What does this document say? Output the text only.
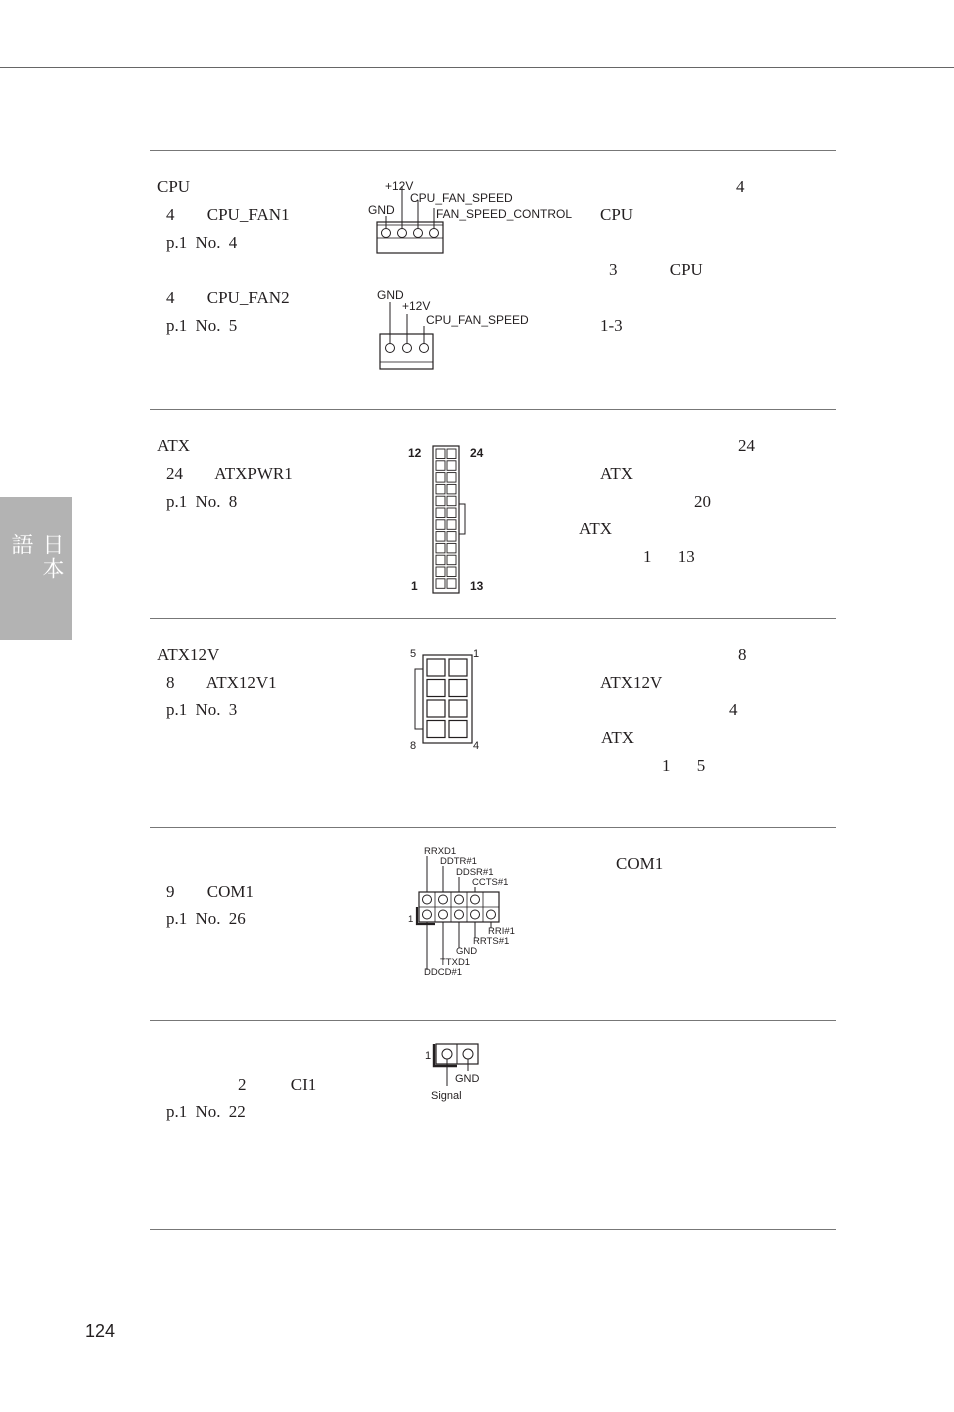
日本語
CPU
4 CPU_FAN1
p.1 No. 4
4 CPU_FAN2
p.1 No. 5
4
CPU
3 CPU
1-3
+12V
CPU_FAN_SPEED
GND	FAN_SPEED_CONTROL
GND
+12V
CPU_FAN_SPEED
ATX
24 ATXPWR1
p.1 No. 8
24
ATX
20
ATX
1 13
12	24
1	13
ATX12V
8 ATX12V1
p.1 No. 3
8
ATX12V
4
ATX
1 5
5	1
8	4
9 COM1
p.1 No. 26
COM1
RRXD1
DDTR#1
DDSR#1
CCTS#1
1
RRI#1
RRTS#1
GND
TTXD1
DDCD#1
2 CI1
p.1 No. 22
1
GND
Signal
124
